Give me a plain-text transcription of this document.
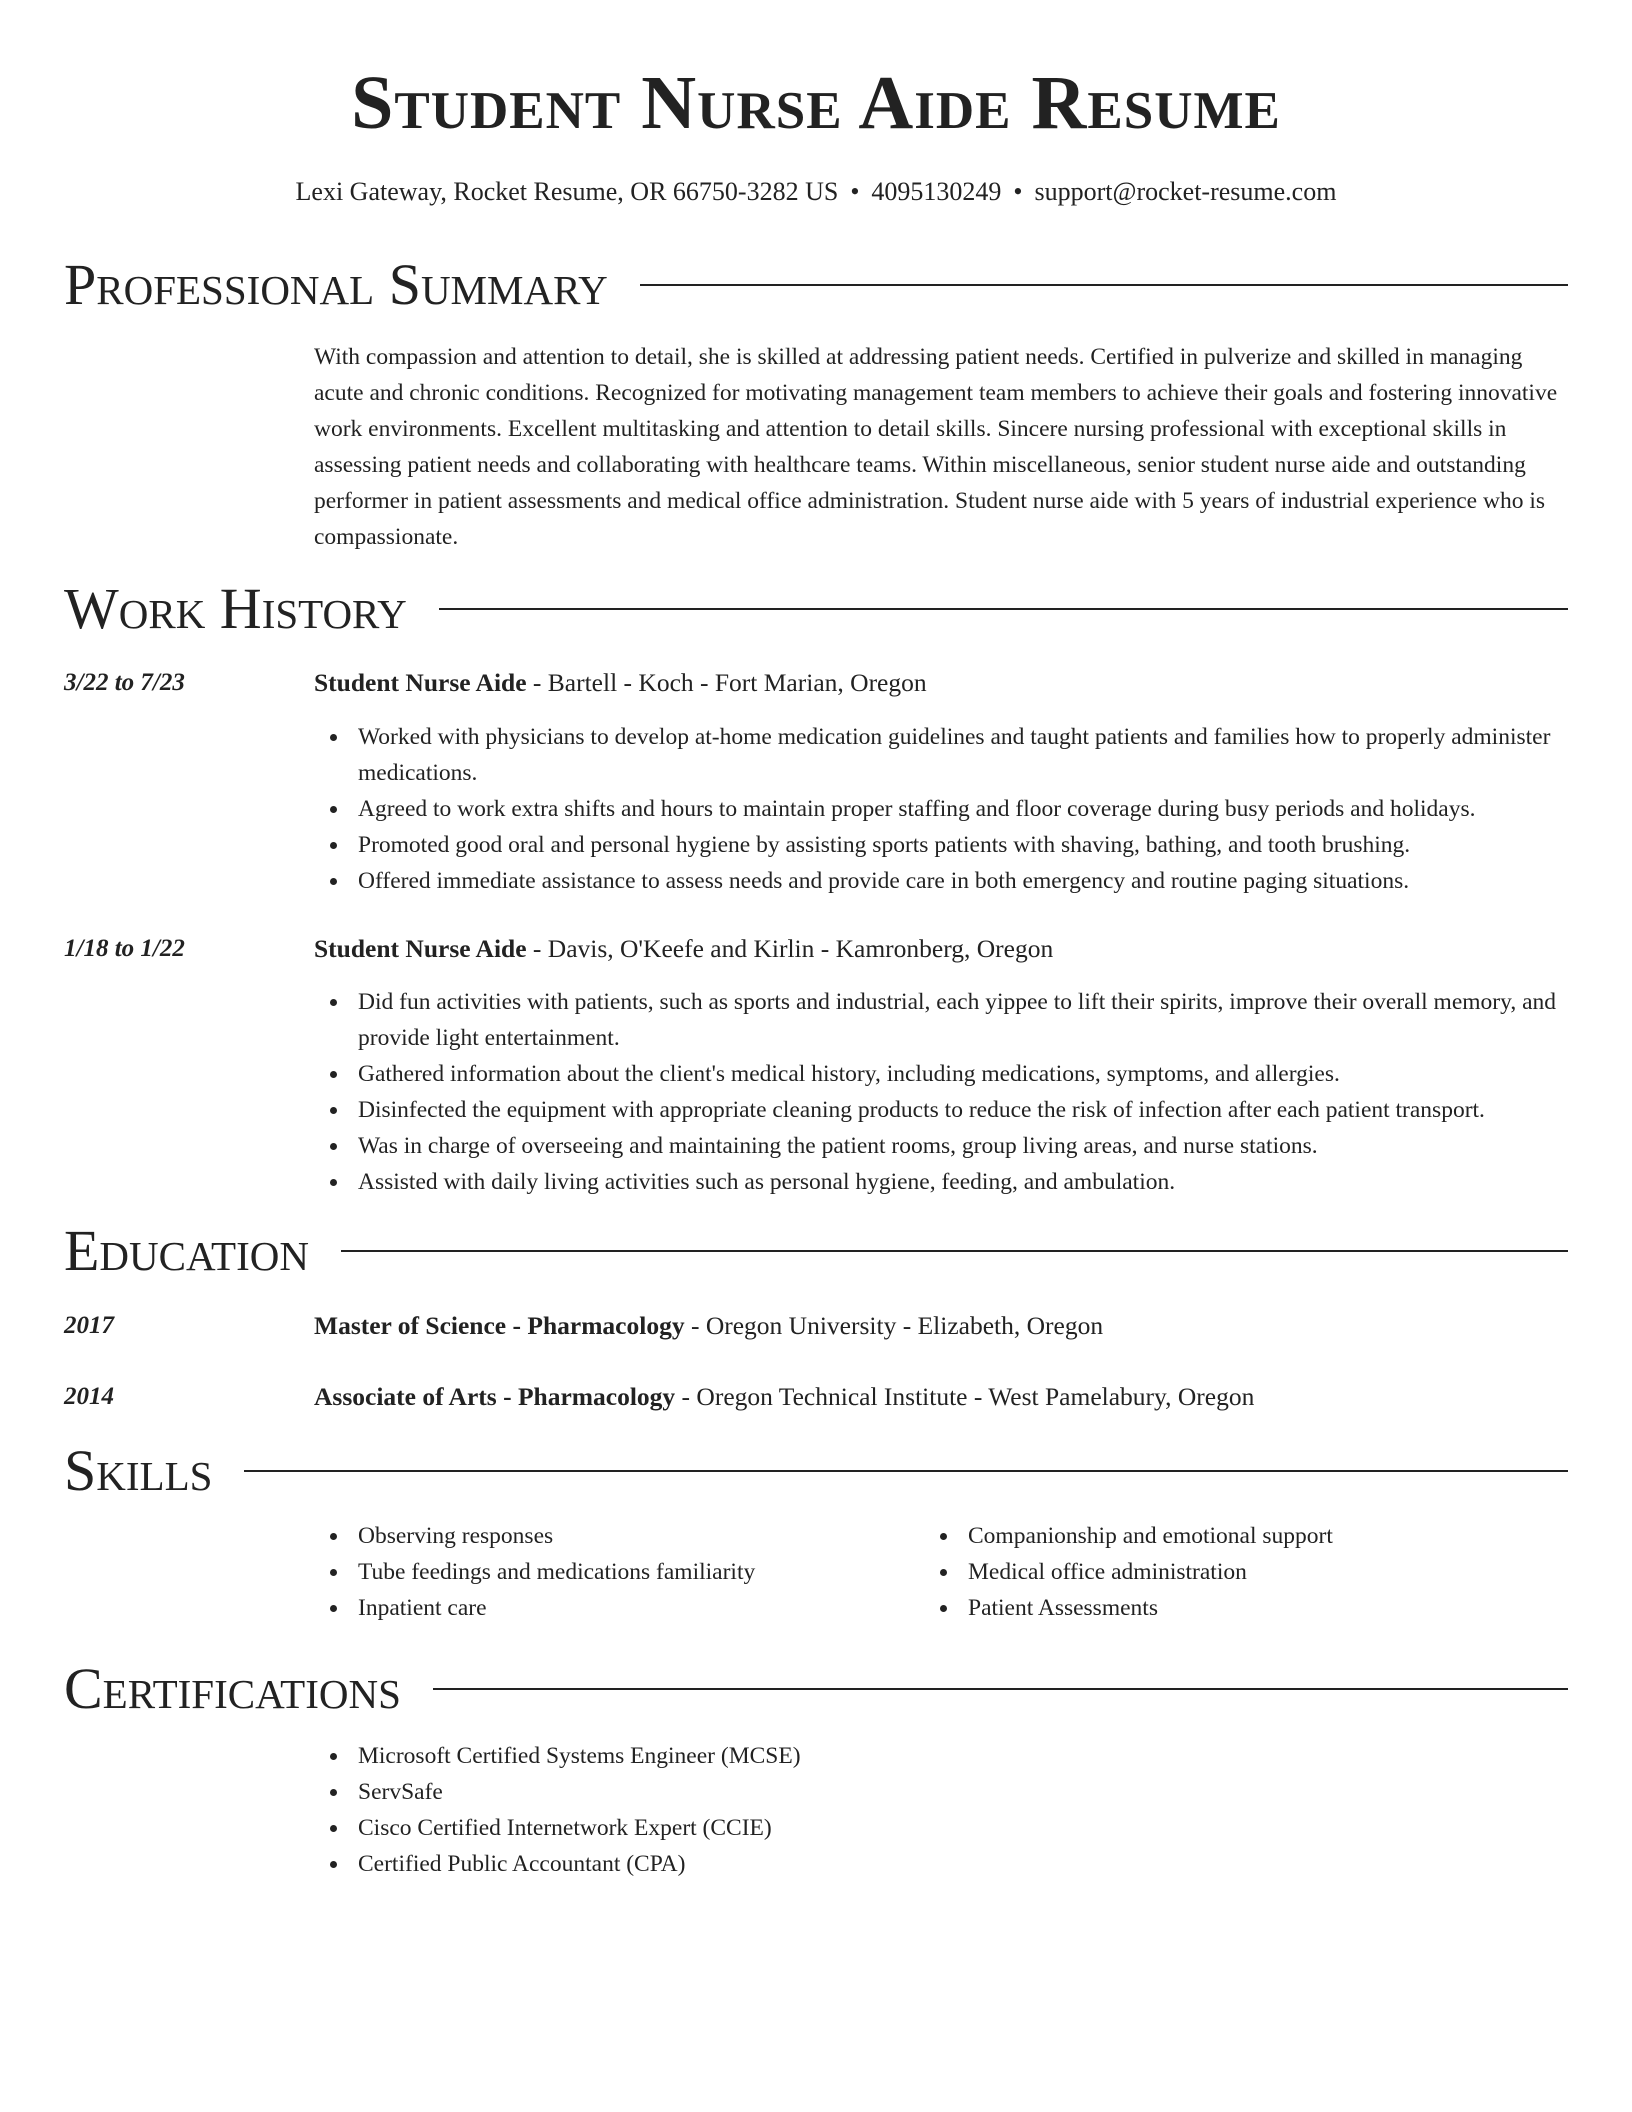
Student Nurse Aide Resume
Lexi Gateway, Rocket Resume, OR 66750-3282 US • 4095130249 • support@rocket-resume.com
Professional Summary

With compassion and attention to detail, she is skilled at addressing patient needs. Certified in pulverize and skilled in managing acute and chronic conditions. Recognized for motivating management team members to achieve their goals and fostering innovative work environments. Excellent multitasking and attention to detail skills. Sincere nursing professional with exceptional skills in assessing patient needs and collaborating with healthcare teams. Within miscellaneous, senior student nurse aide and outstanding performer in patient assessments and medical office administration. Student nurse aide with 5 years of industrial experience who is compassionate.

Work History
3/22 to 7/23	Student Nurse Aide - Bartell - Koch - Fort Marian, Oregon
Worked with physicians to develop at-home medication guidelines and taught patients and families how to properly administer medications.
Agreed to work extra shifts and hours to maintain proper staffing and floor coverage during busy periods and holidays.
Promoted good oral and personal hygiene by assisting sports patients with shaving, bathing, and tooth brushing.
Offered immediate assistance to assess needs and provide care in both emergency and routine paging situations.
1/18 to 1/22	Student Nurse Aide - Davis, O'Keefe and Kirlin - Kamronberg, Oregon
Did fun activities with patients, such as sports and industrial, each yippee to lift their spirits, improve their overall memory, and provide light entertainment.
Gathered information about the client's medical history, including medications, symptoms, and allergies.
Disinfected the equipment with appropriate cleaning products to reduce the risk of infection after each patient transport.
Was in charge of overseeing and maintaining the patient rooms, group living areas, and nurse stations.
Assisted with daily living activities such as personal hygiene, feeding, and ambulation.
Education
2017	Master of Science - Pharmacology - Oregon University - Elizabeth, Oregon
2014	Associate of Arts - Pharmacology - Oregon Technical Institute - West Pamelabury, Oregon
Skills
Observing responses
Tube feedings and medications familiarity
Inpatient care
Companionship and emotional support
Medical office administration
Patient Assessments
Certifications
Microsoft Certified Systems Engineer (MCSE)
ServSafe
Cisco Certified Internetwork Expert (CCIE)
Certified Public Accountant (CPA)
